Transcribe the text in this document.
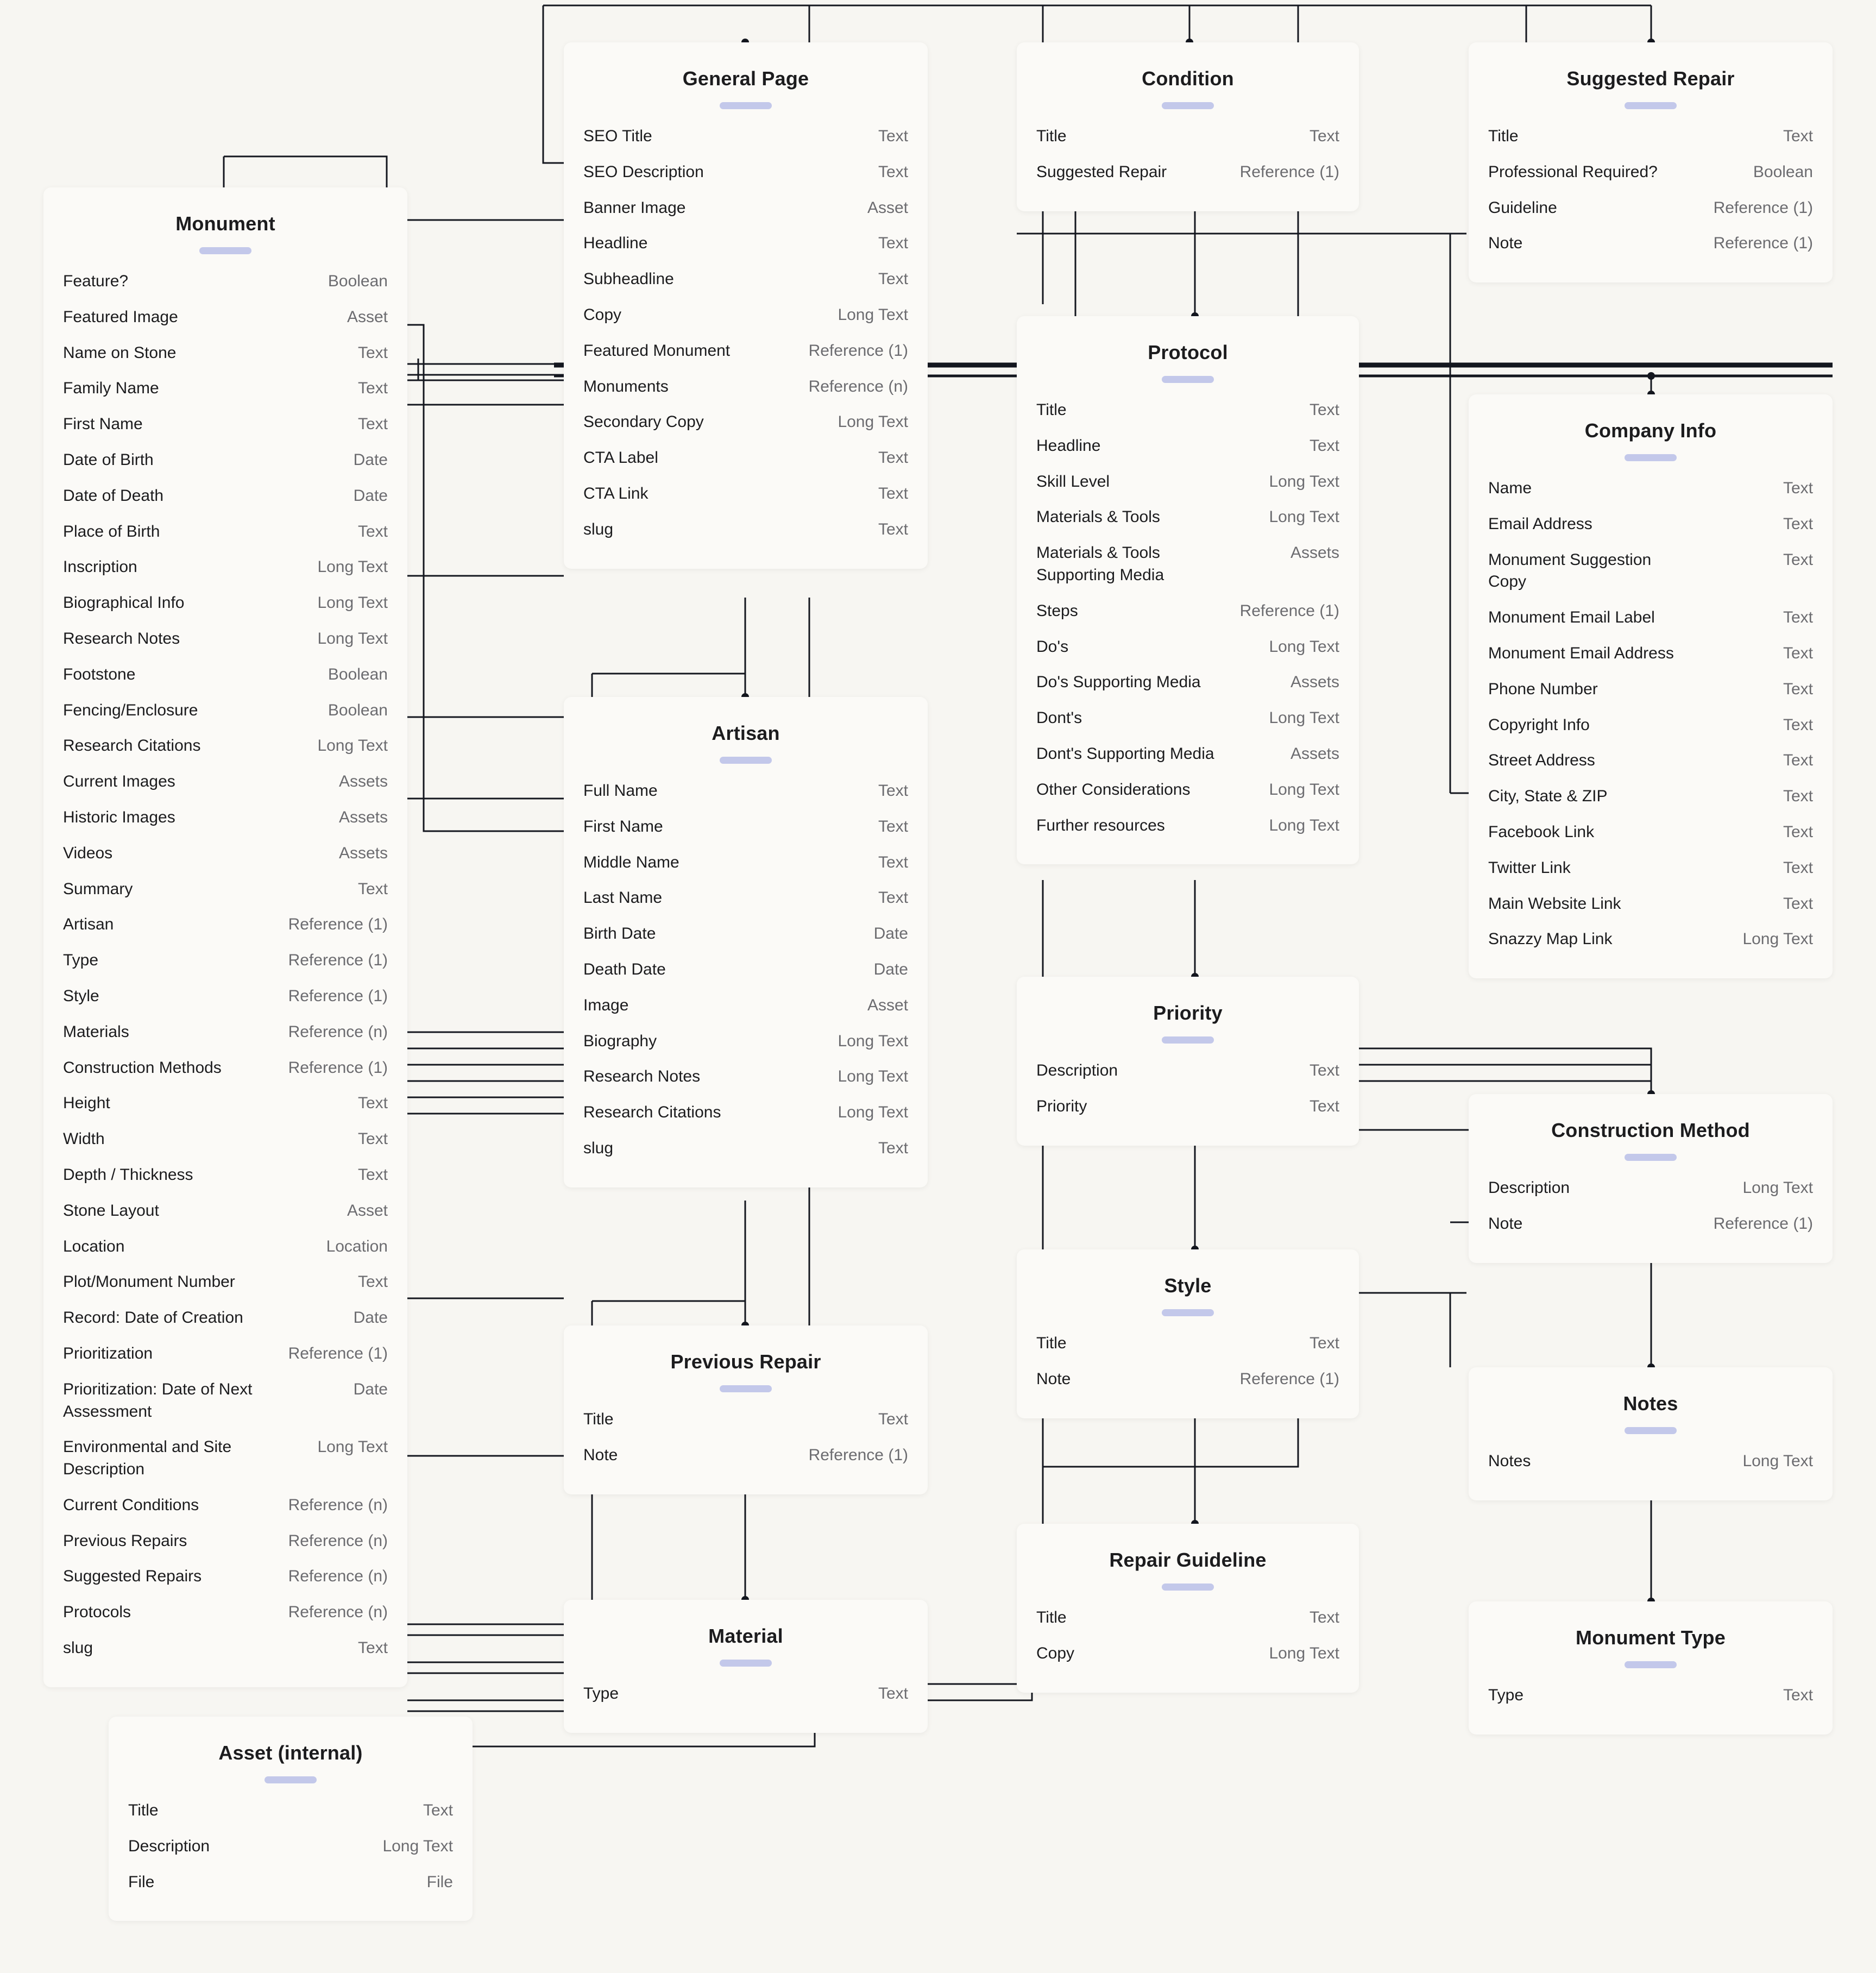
Monument
Feature?	Boolean
Featured Image	Asset
Name on Stone	Text
Family Name	Text
First Name	Text
Date of Birth	Date
Date of Death	Date
Place of Birth	Text
Inscription	Long Text
Biographical Info	Long Text
Research Notes	Long Text
Footstone	Boolean
Fencing/Enclosure	Boolean
Research Citations	Long Text
Current Images	Assets
Historic Images	Assets
Videos	Assets
Summary	Text
Artisan	Reference (1)
Type	Reference (1)
Style	Reference (1)
Materials	Reference (n)
Construction Methods	Reference (1)
Height	Text
Width	Text
Depth / Thickness	Text
Stone Layout	Asset
Location	Location
Plot/Monument Number	Text
Record: Date of Creation	Date
Prioritization	Reference (1)
Prioritization: Date of Next Assessment
Date
Environmental and Site Description
Long Text
Current Conditions	Reference (n)
Previous Repairs	Reference (n)
Suggested Repairs	Reference (n)
Protocols	Reference (n)
slug	Text
General Page
SEO Title	Text
SEO Description	Text
Banner Image	Asset
Headline	Text
Subheadline	Text
Copy	Long Text
Featured Monument	Reference (1)
Monuments	Reference (n)
Secondary Copy	Long Text
CTA Label	Text
CTA Link	Text
slug	Text
Condition
Title	Text
Suggested Repair	Reference (1)
Suggested Repair
Title	Text
Professional Required?	Boolean
Guideline	Reference (1)
Note	Reference (1)
Protocol
Title	Text
Headline	Text
Skill Level	Long Text
Materials & Tools	Long Text
Materials & Tools Supporting Media
Assets
Steps	Reference (1)
Do's	Long Text
Do's Supporting Media	Assets
Dont's	Long Text
Dont's Supporting Media	Assets
Other Considerations	Long Text
Further resources	Long Text
Company Info
Name	Text
Email Address	Text
Monument Suggestion Copy
Text
Monument Email Label	Text
Monument Email Address	Text
Phone Number	Text
Copyright Info	Text
Street Address	Text
City, State & ZIP	Text
Facebook Link	Text
Twitter Link	Text
Main Website Link	Text
Snazzy Map Link	Long Text
Artisan
Full Name	Text
First Name	Text
Middle Name	Text
Last Name	Text
Birth Date	Date
Death Date	Date
Image	Asset
Biography	Long Text
Research Notes	Long Text
Research Citations	Long Text
slug	Text
Priority
Description	Text
Priority	Text
Construction Method
Description	Long Text
Note	Reference (1)
Style
Title	Text
Note	Reference (1)
Notes
Notes	Long Text
Previous Repair
Title	Text
Note	Reference (1)
Repair Guideline
Title	Text
Copy	Long Text
Monument Type
Type	Text
Material
Type	Text
Asset (internal)
Title	Text
Description	Long Text
File	File
